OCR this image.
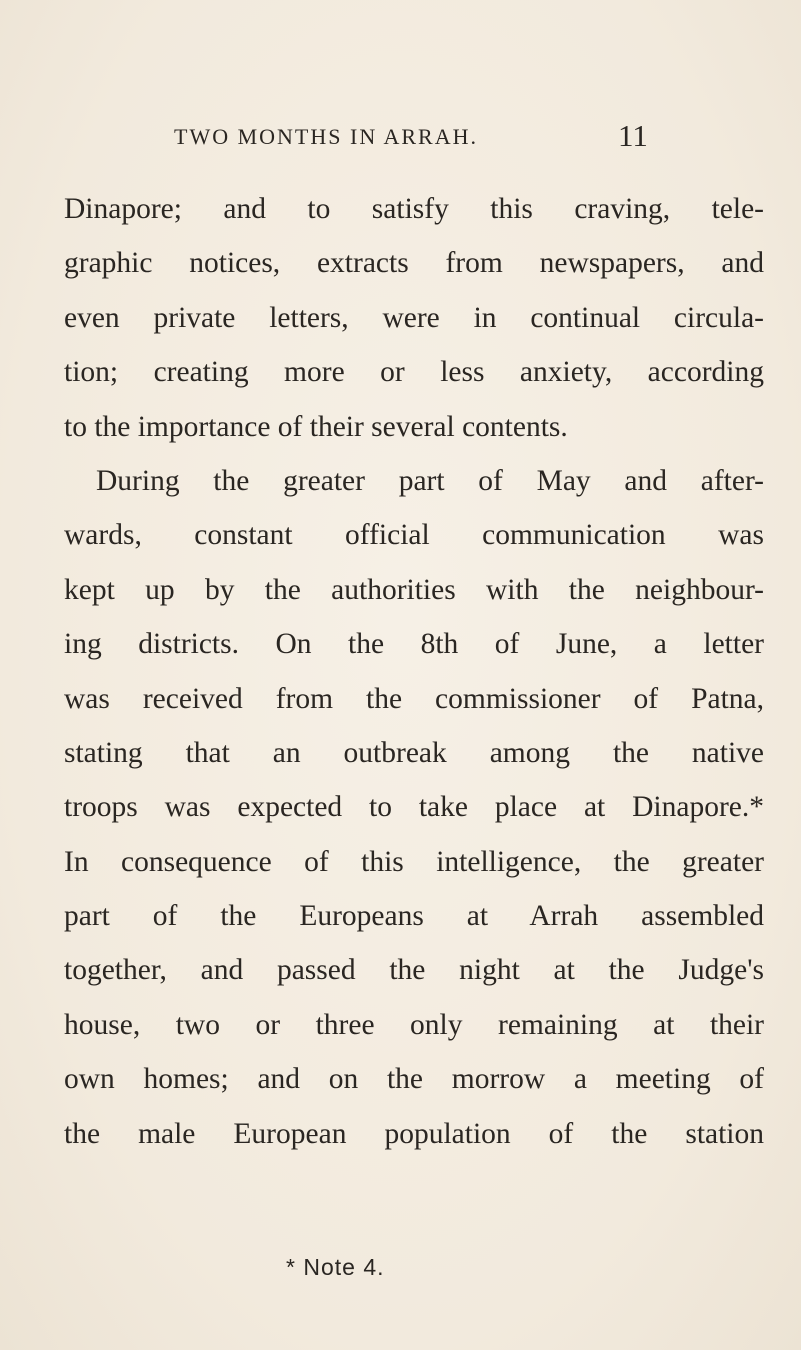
TWO MONTHS IN ARRAH.	11
Dinapore; and to satisfy this craving, tele-
graphic notices, extracts from newspapers, and
even private letters, were in continual circula-
tion; creating more or less anxiety, according
to the importance of their several contents.
During the greater part of May and after-
wards, constant official communication was
kept up by the authorities with the neighbour-
ing districts. On the 8th of June, a letter
was received from the commissioner of Patna,
stating that an outbreak among the native
troops was expected to take place at Dinapore.*
In consequence of this intelligence, the greater
part of the Europeans at Arrah assembled
together, and passed the night at the Judge's
house, two or three only remaining at their
own homes; and on the morrow a meeting of
the male European population of the station
* Note 4.
